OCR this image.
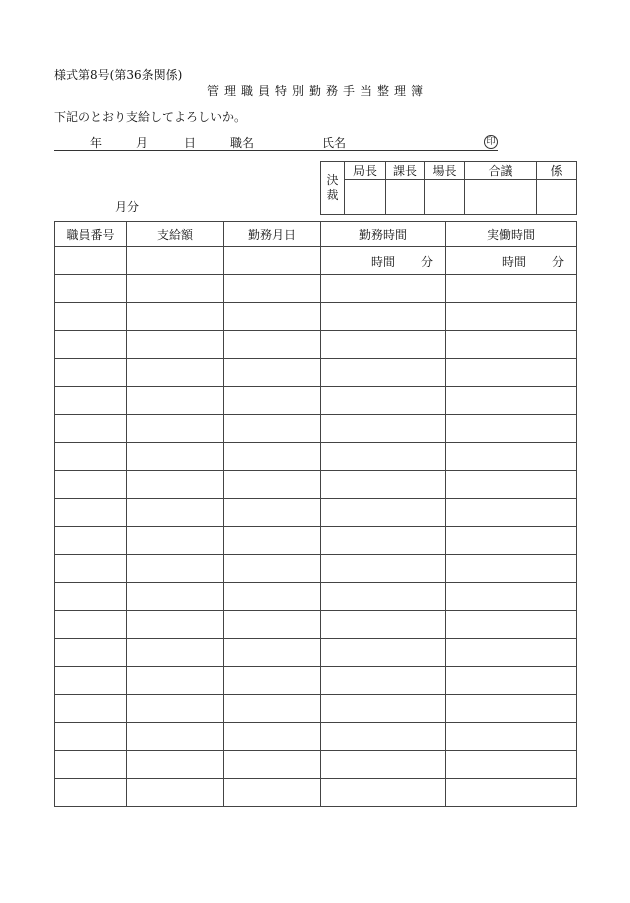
様式第8号(第36条関係)
管理職員特別勤務手当整理簿
下記のとおり支給してよろしいか。
年	月	日	職名	氏名	印
月分
決
裁	局長	課長	場長	合議	係

職員番号	支給額	勤務月日	勤務時間	実働時間

			時間 分	時間 分
